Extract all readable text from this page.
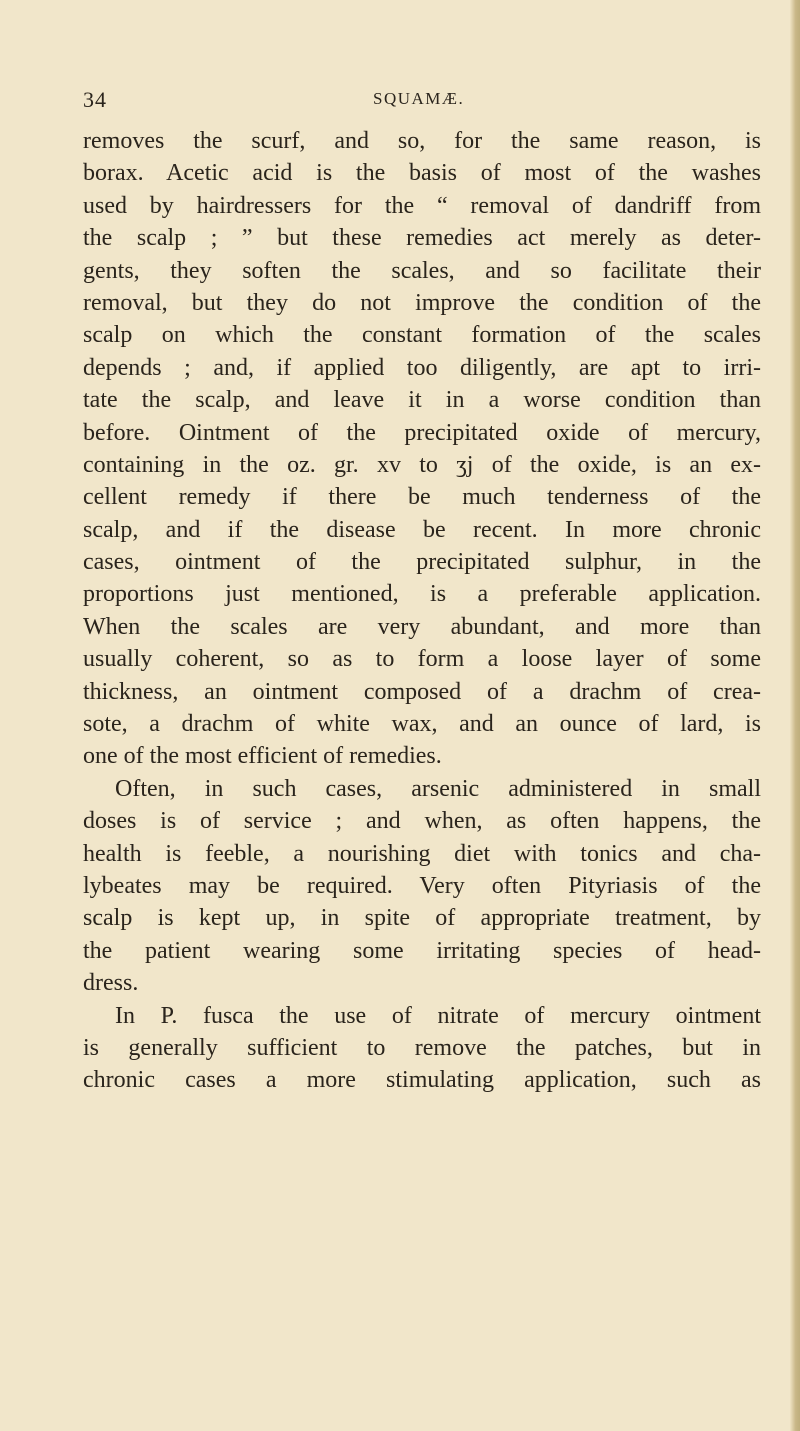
34	SQUAMÆ.
removes the scurf, and so, for the same reason, is
borax. Acetic acid is the basis of most of the washes
used by hairdressers for the “ removal of dandriff from
the scalp ; ” but these remedies act merely as deter-
gents, they soften the scales, and so facilitate their
removal, but they do not improve the condition of the
scalp on which the constant formation of the scales
depends ; and, if applied too diligently, are apt to irri-
tate the scalp, and leave it in a worse condition than
before. Ointment of the precipitated oxide of mercury,
containing in the oz. gr. xv to ʒj of the oxide, is an ex-
cellent remedy if there be much tenderness of the
scalp, and if the disease be recent. In more chronic
cases, ointment of the precipitated sulphur, in the
proportions just mentioned, is a preferable application.
When the scales are very abundant, and more than
usually coherent, so as to form a loose layer of some
thickness, an ointment composed of a drachm of crea-
sote, a drachm of white wax, and an ounce of lard, is
one of the most efficient of remedies.
Often, in such cases, arsenic administered in small
doses is of service ; and when, as often happens, the
health is feeble, a nourishing diet with tonics and cha-
lybeates may be required. Very often Pityriasis of the
scalp is kept up, in spite of appropriate treatment, by
the patient wearing some irritating species of head-
dress.
In P. fusca the use of nitrate of mercury ointment
is generally sufficient to remove the patches, but in
chronic cases a more stimulating application, such as
